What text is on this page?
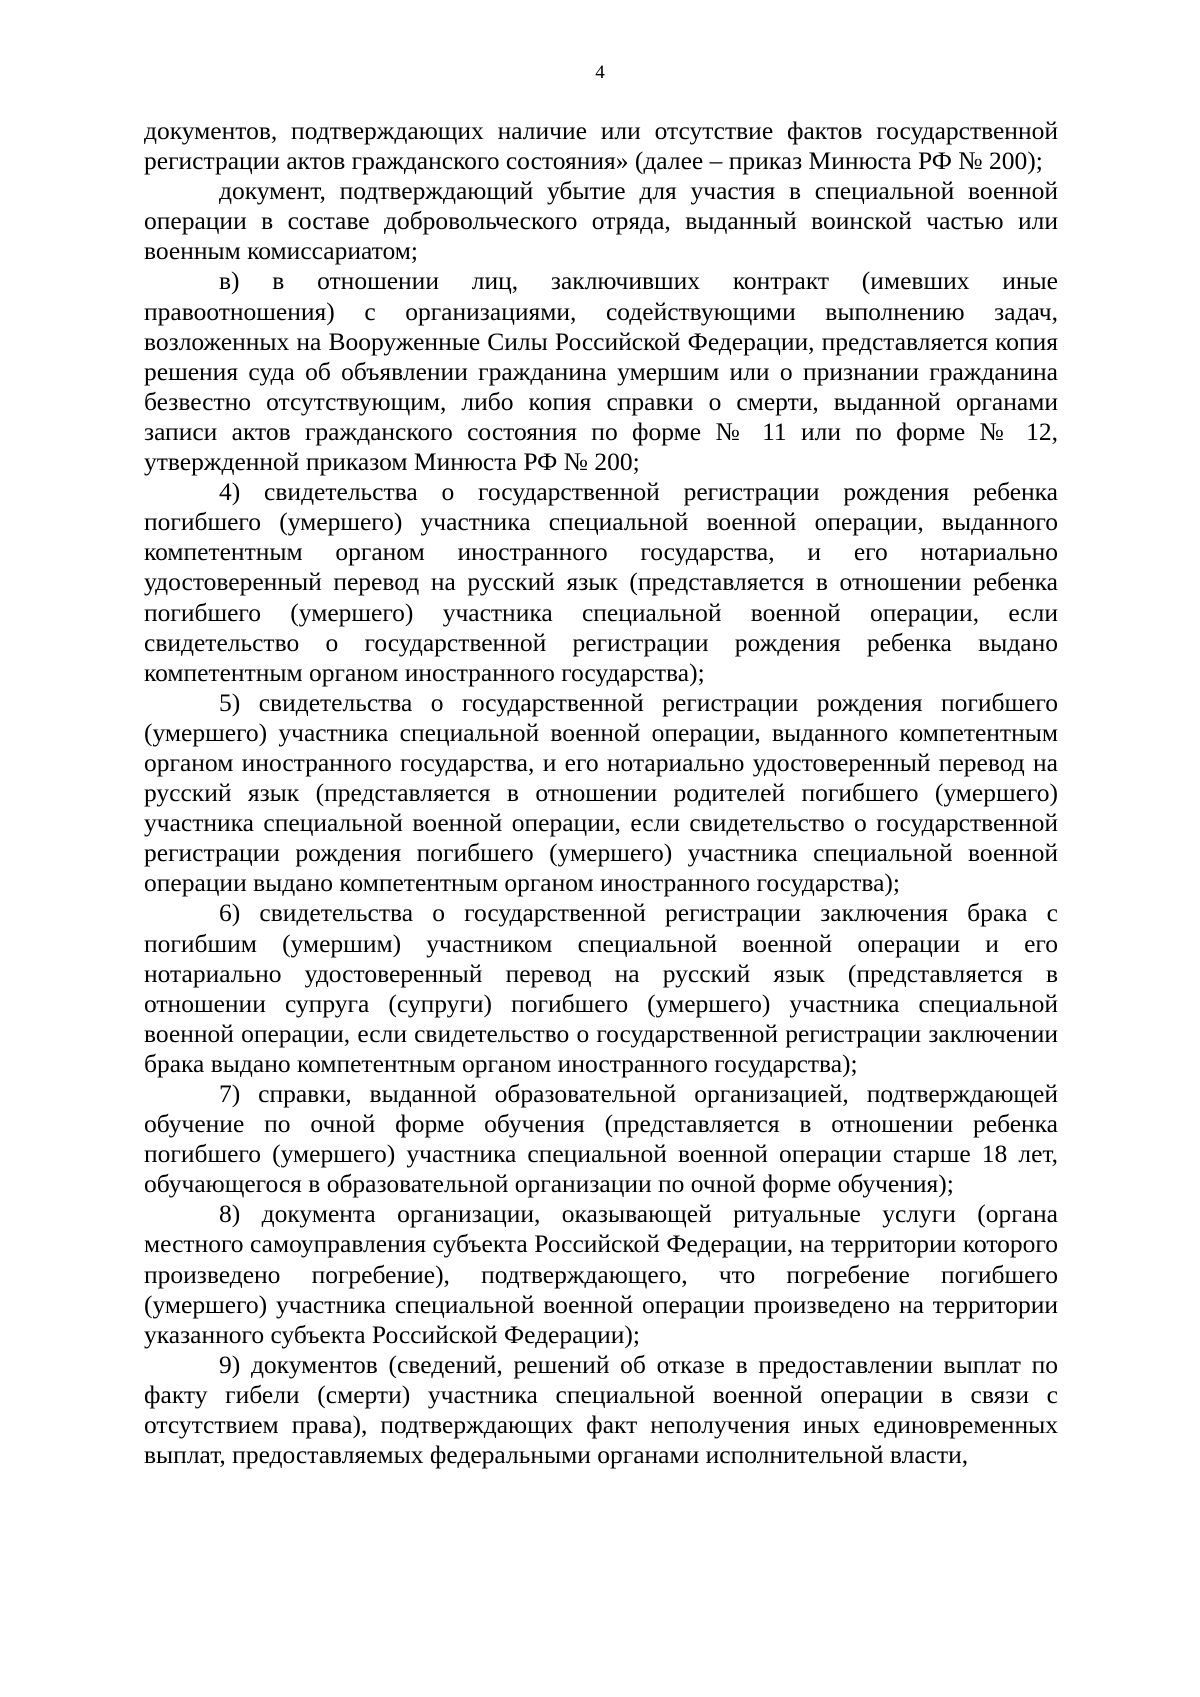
4

документов, подтверждающих наличие или отсутствие фактов государственной регистрации актов гражданского состояния» (далее – приказ Минюста РФ № 200);

документ, подтверждающий убытие для участия в специальной военной операции в составе добровольческого отряда, выданный воинской частью или военным комиссариатом;

в) в отношении лиц, заключивших контракт (имевших иные правоотношения) с организациями, содействующими выполнению задач, возложенных на Вооруженные Силы Российской Федерации, представляется копия решения суда об объявлении гражданина умершим или о признании гражданина безвестно отсутствующим, либо копия справки о смерти, выданной органами записи актов гражданского состояния по форме № 11 или по форме № 12, утвержденной приказом Минюста РФ № 200;

4) свидетельства о государственной регистрации рождения ребенка погибшего (умершего) участника специальной военной операции, выданного компетентным органом иностранного государства, и его нотариально удостоверенный перевод на русский язык (представляется в отношении ребенка погибшего (умершего) участника специальной военной операции, если свидетельство о государственной регистрации рождения ребенка выдано компетентным органом иностранного государства);

5) свидетельства о государственной регистрации рождения погибшего (умершего) участника специальной военной операции, выданного компетентным органом иностранного государства, и его нотариально удостоверенный перевод на русский язык (представляется в отношении родителей погибшего (умершего) участника специальной военной операции, если свидетельство о государственной регистрации рождения погибшего (умершего) участника специальной военной операции выдано компетентным органом иностранного государства);

6) свидетельства о государственной регистрации заключения брака с погибшим (умершим) участником специальной военной операции и его нотариально удостоверенный перевод на русский язык (представляется в отношении супруга (супруги) погибшего (умершего) участника специальной военной операции, если свидетельство о государственной регистрации заключении брака выдано компетентным органом иностранного государства);

7) справки, выданной образовательной организацией, подтверждающей обучение по очной форме обучения (представляется в отношении ребенка погибшего (умершего) участника специальной военной операции старше 18 лет, обучающегося в образовательной организации по очной форме обучения);

8) документа организации, оказывающей ритуальные услуги (органа местного самоуправления субъекта Российской Федерации, на территории которого произведено погребение), подтверждающего, что погребение погибшего (умершего) участника специальной военной операции произведено на территории указанного субъекта Российской Федерации);

9) документов (сведений, решений об отказе в предоставлении выплат по факту гибели (смерти) участника специальной военной операции в связи с отсутствием права), подтверждающих факт неполучения иных единовременных выплат, предоставляемых федеральными органами исполнительной власти,
